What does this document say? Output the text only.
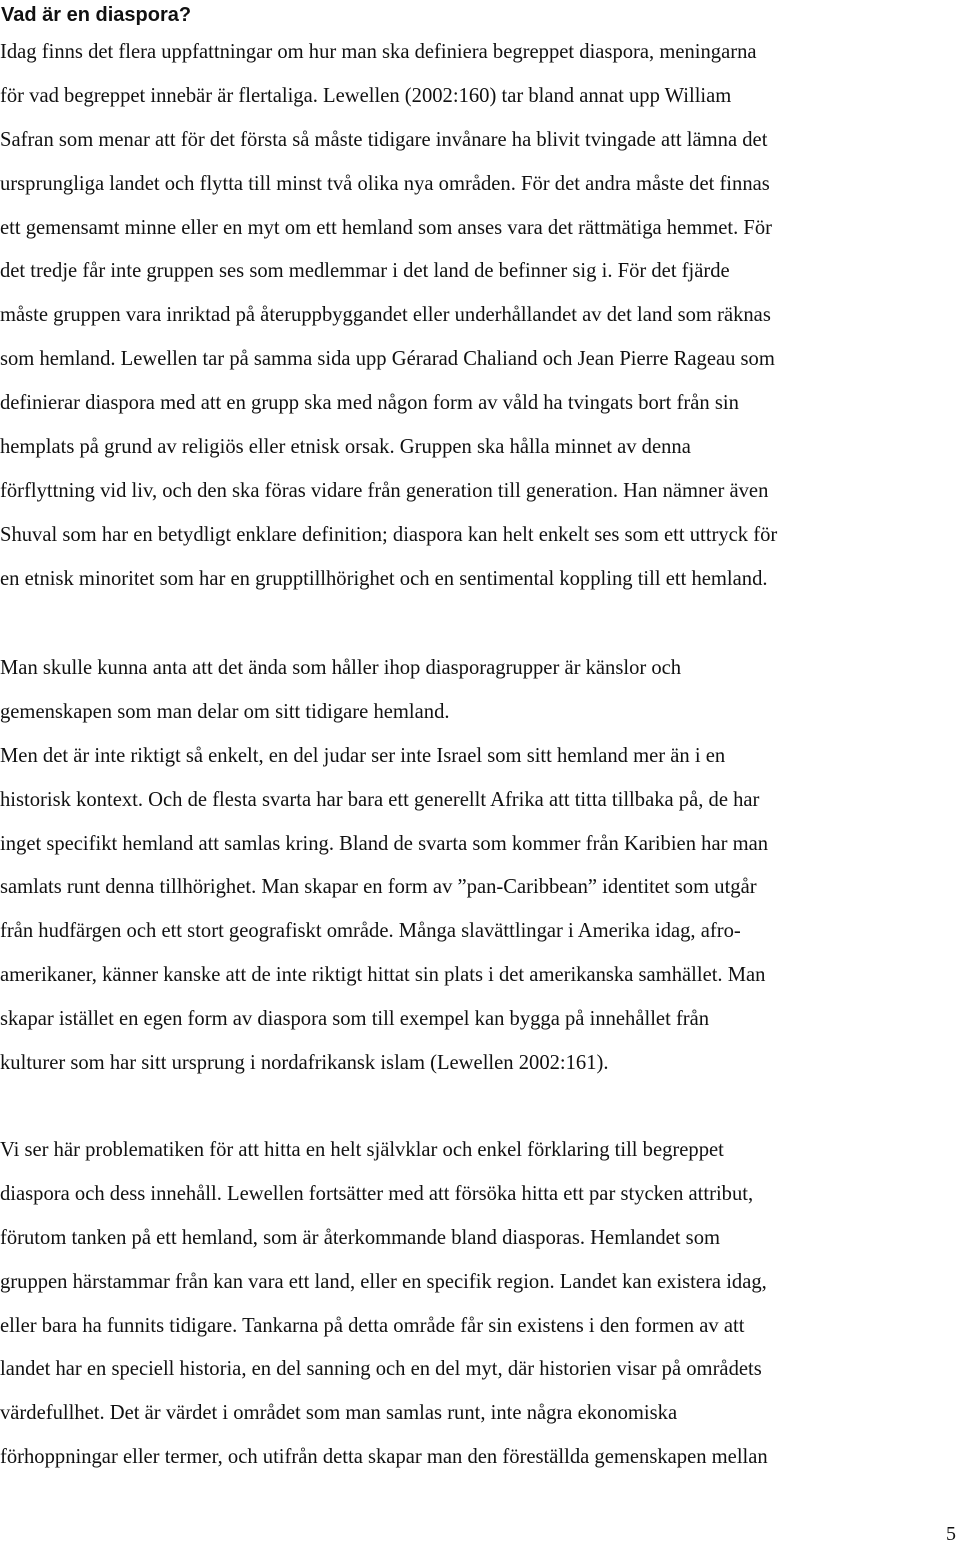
Vad är en diaspora?
Idag finns det flera uppfattningar om hur man ska definiera begreppet diaspora, meningarna
för vad begreppet innebär är flertaliga. Lewellen (2002:160) tar bland annat upp William
Safran som menar att för det första så måste tidigare invånare ha blivit tvingade att lämna det
ursprungliga landet och flytta till minst två olika nya områden. För det andra måste det finnas
ett gemensamt minne eller en myt om ett hemland som anses vara det rättmätiga hemmet. För
det tredje får inte gruppen ses som medlemmar i det land de befinner sig i. För det fjärde
måste gruppen vara inriktad på återuppbyggandet eller underhållandet av det land som räknas
som hemland. Lewellen tar på samma sida upp Gérarad Chaliand och Jean Pierre Rageau som
definierar diaspora med att en grupp ska med någon form av våld ha tvingats bort från sin
hemplats på grund av religiös eller etnisk orsak. Gruppen ska hålla minnet av denna
förflyttning vid liv, och den ska föras vidare från generation till generation. Han nämner även
Shuval som har en betydligt enklare definition; diaspora kan helt enkelt ses som ett uttryck för
en etnisk minoritet som har en grupptillhörighet och en sentimental koppling till ett hemland.
Man skulle kunna anta att det ända som håller ihop diasporagrupper är känslor och
gemenskapen som man delar om sitt tidigare hemland.
Men det är inte riktigt så enkelt, en del judar ser inte Israel som sitt hemland mer än i en
historisk kontext. Och de flesta svarta har bara ett generellt Afrika att titta tillbaka på, de har
inget specifikt hemland att samlas kring. Bland de svarta som kommer från Karibien har man
samlats runt denna tillhörighet. Man skapar en form av ”pan-Caribbean” identitet som utgår
från hudfärgen och ett stort geografiskt område. Många slavättlingar i Amerika idag, afro-
amerikaner, känner kanske att de inte riktigt hittat sin plats i det amerikanska samhället. Man
skapar istället en egen form av diaspora som till exempel kan bygga på innehållet från
kulturer som har sitt ursprung i nordafrikansk islam (Lewellen 2002:161).
Vi ser här problematiken för att hitta en helt självklar och enkel förklaring till begreppet
diaspora och dess innehåll. Lewellen fortsätter med att försöka hitta ett par stycken attribut,
förutom tanken på ett hemland, som är återkommande bland diasporas. Hemlandet som
gruppen härstammar från kan vara ett land, eller en specifik region. Landet kan existera idag,
eller bara ha funnits tidigare. Tankarna på detta område får sin existens i den formen av att
landet har en speciell historia, en del sanning och en del myt, där historien visar på områdets
värdefullhet. Det är värdet i området som man samlas runt, inte några ekonomiska
förhoppningar eller termer, och utifrån detta skapar man den föreställda gemenskapen mellan
5
